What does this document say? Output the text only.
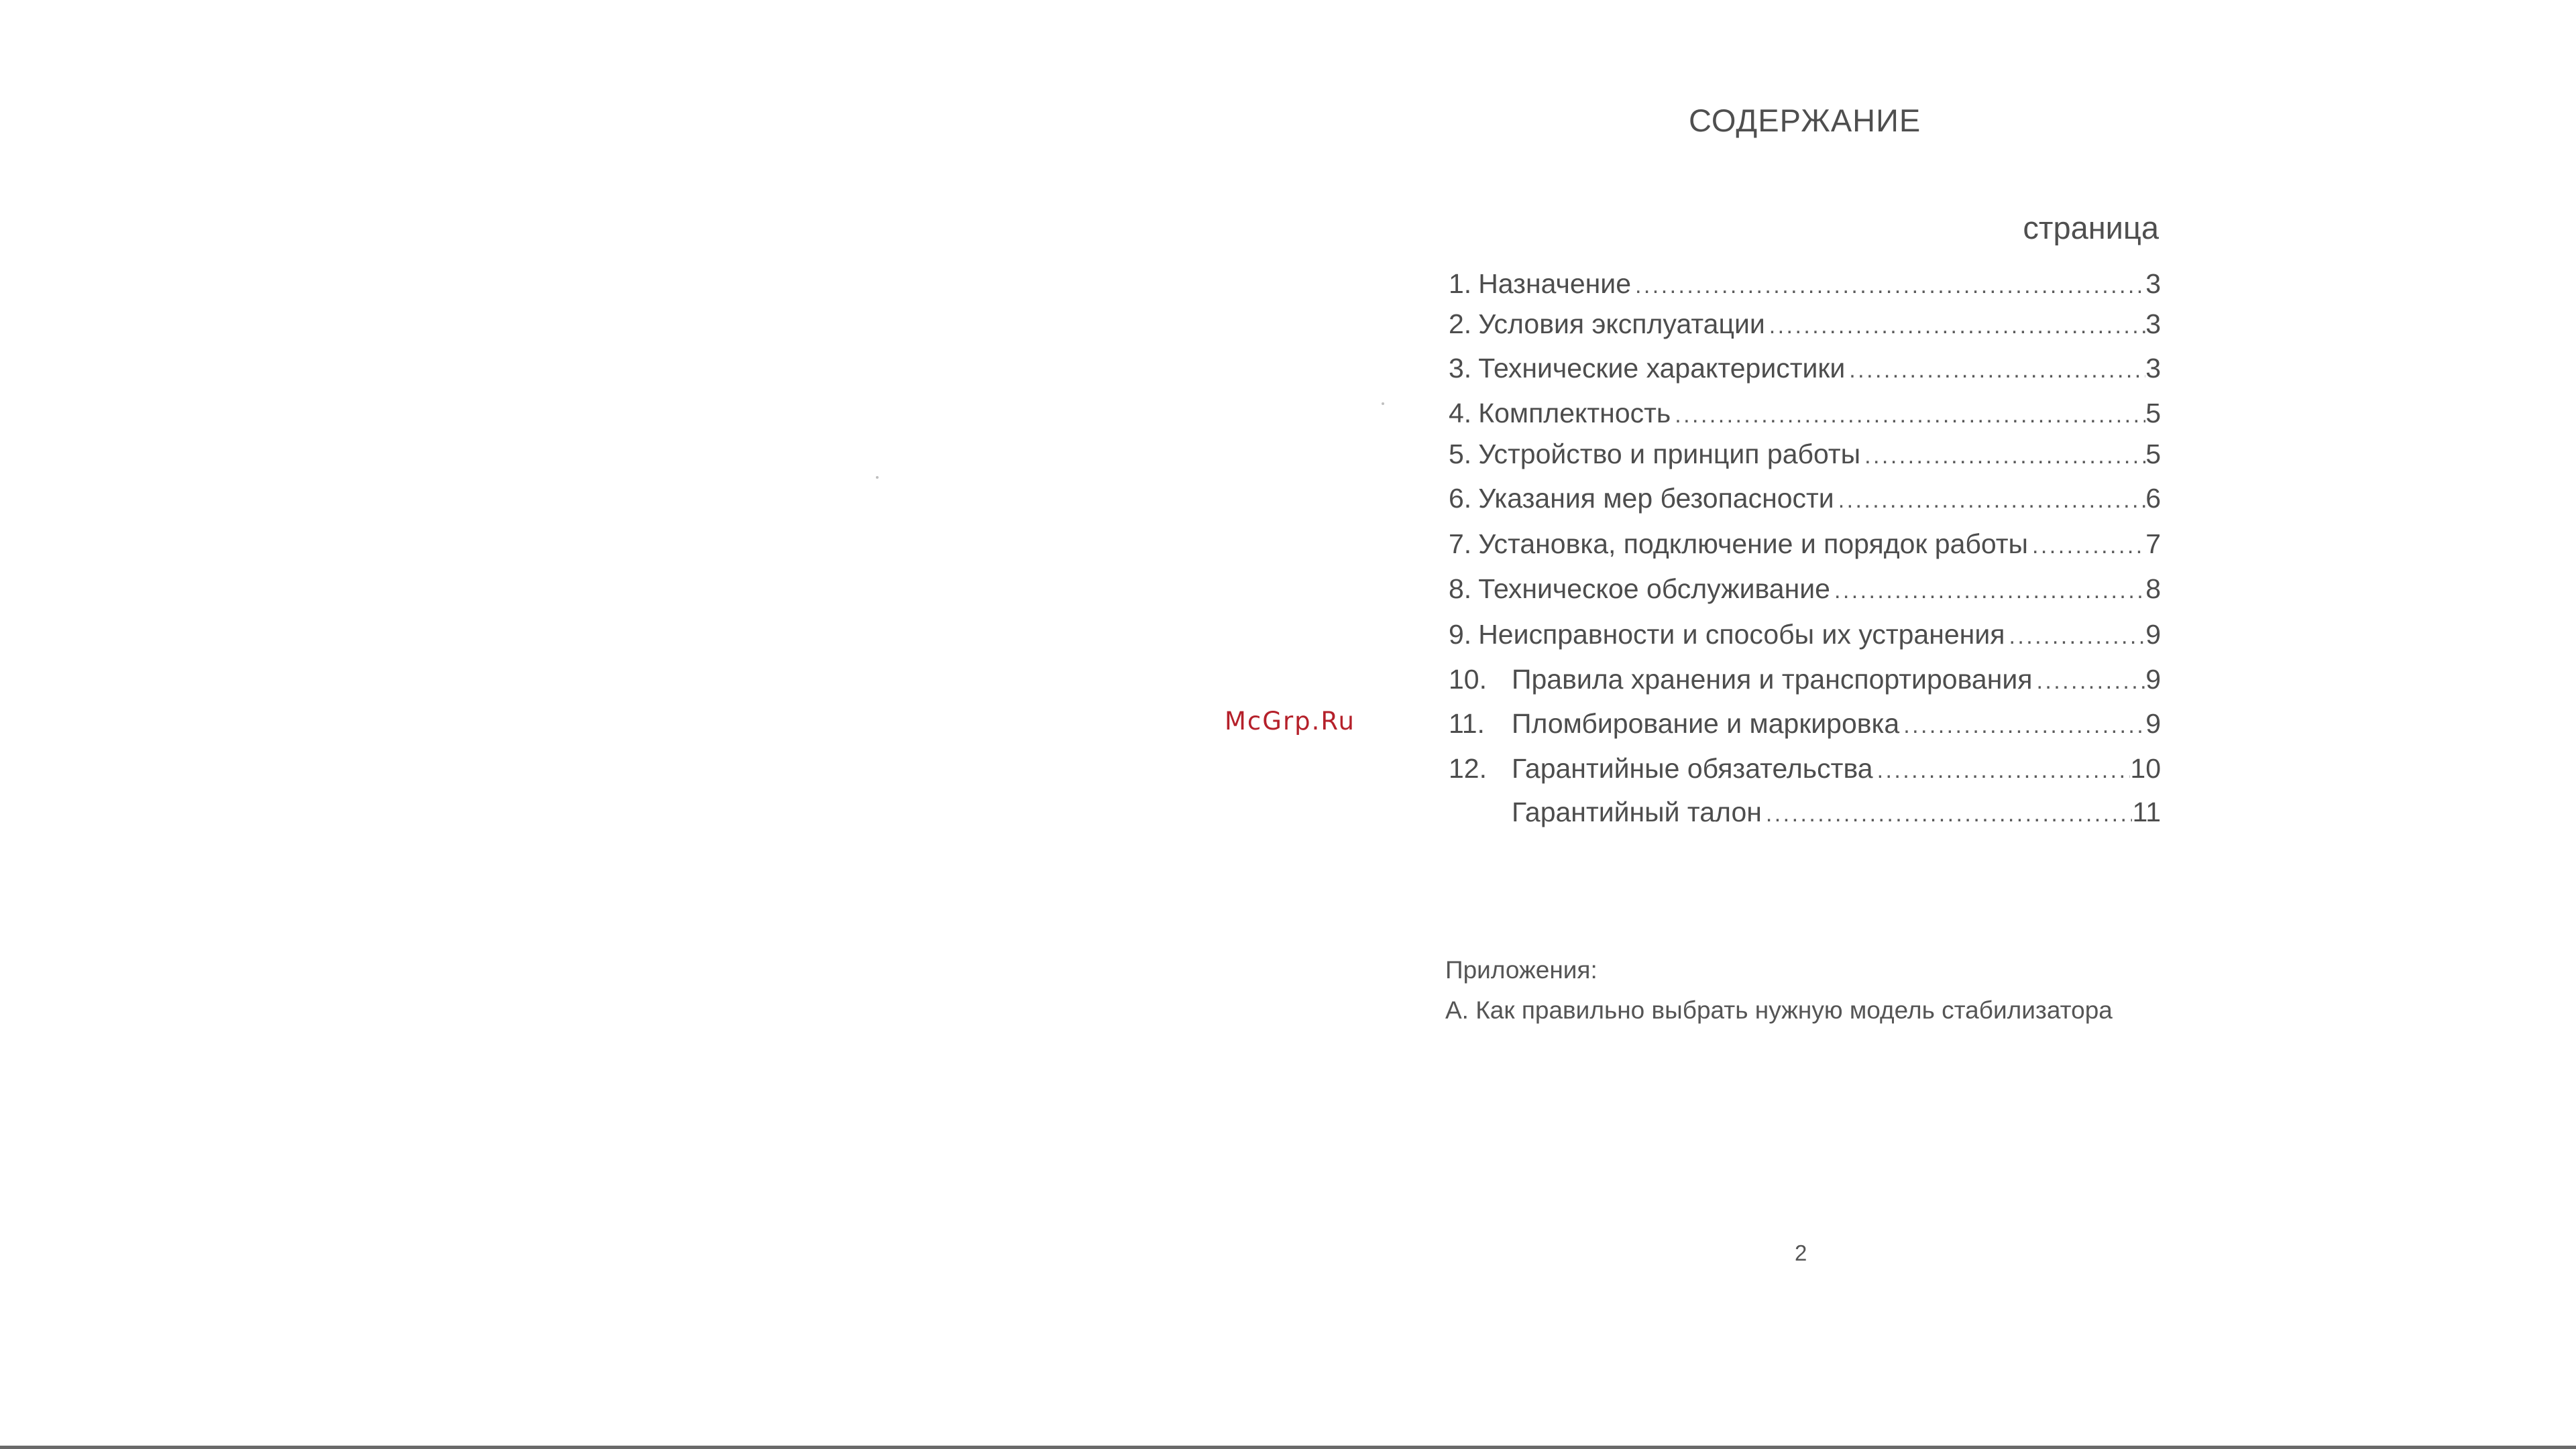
СОДЕРЖАНИЕ
страница
1. Назначение . . .	3
2. Условия эксплуатации . . .	3
3. Технические характеристики . . .	3
4. Комплектность . . .	5
5. Устройство и принцип работы . . .	5
6. Указания мер безопасности . . .	6
7. Установка, подключение и порядок работы . . .	7
8. Техническое обслуживание . . .	8
9. Неисправности и способы их устранения . . .	9
10. Правила хранения и транспортирования . . .	9
11. Пломбирование и маркировка . . .	9
12. Гарантийные обязательства . . .	10
Гарантийный талон . . .	11
McGrp.Ru
Приложения:
А. Как правильно выбрать нужную модель стабилизатора
2
